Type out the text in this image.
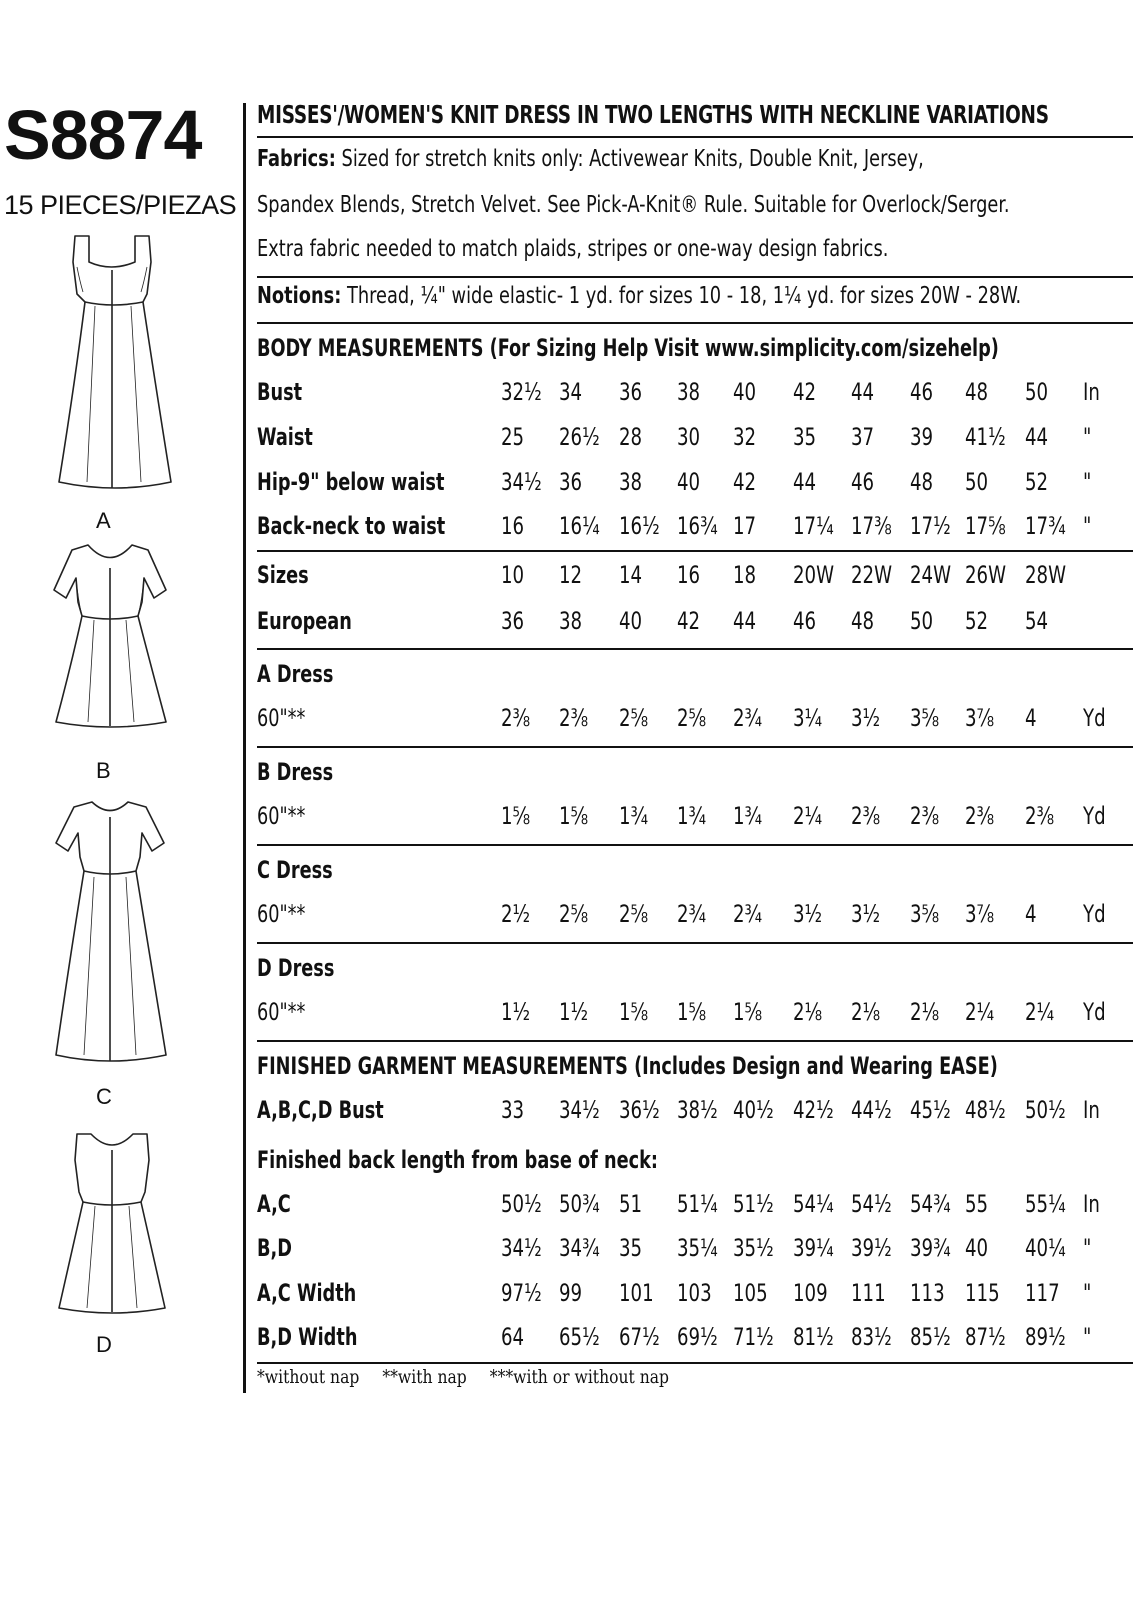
S8874
15 PIECES/PIEZAS
A
B
C
D
MISSES'/WOMEN'S KNIT DRESS IN TWO LENGTHS WITH NECKLINE VARIATIONS
Fabrics: Sized for stretch knits only: Activewear Knits, Double Knit, Jersey,
Spandex Blends, Stretch Velvet. See Pick-A-Knit® Rule. Suitable for Overlock/Serger.
Extra fabric needed to match plaids, stripes or one-way design fabrics.
Notions: Thread, ¼" wide elastic- 1 yd. for sizes 10 - 18, 1¼ yd. for sizes 20W - 28W.
BODY MEASUREMENTS (For Sizing Help Visit www.simplicity.com/sizehelp)
Bust	32½ 34 36 38 40 42 44 46 48 50 In
Waist	25 26½ 28 30 32 35 37 39 41½ 44 "
Hip-9" below waist 34½ 36 38 40 42 44 46 48 50 52 "
Back-neck to waist 16 16¼ 16½ 16¾ 17 17¼ 17⅜ 17½ 17⅝ 17¾ "
Sizes	10 12 14 16 18 20W 22W 24W 26W 28W
European	36 38 40 42 44 46 48 50 52 54
A Dress
60"**	2⅜ 2⅜ 2⅝ 2⅝ 2¾ 3¼ 3½ 3⅝ 3⅞ 4 Yd
B Dress
60"**	1⅝ 1⅝ 1¾ 1¾ 1¾ 2¼ 2⅜ 2⅜ 2⅜ 2⅜ Yd
C Dress
60"**	2½ 2⅝ 2⅝ 2¾ 2¾ 3½ 3½ 3⅝ 3⅞ 4 Yd
D Dress
60"**	1½ 1½ 1⅝ 1⅝ 1⅝ 2⅛ 2⅛ 2⅛ 2¼ 2¼ Yd
FINISHED GARMENT MEASUREMENTS (Includes Design and Wearing EASE)
A,B,C,D Bust	33 34½ 36½ 38½ 40½ 42½ 44½ 45½ 48½ 50½ In
Finished back length from base of neck:
A,C	50½ 50¾ 51 51¼ 51½ 54¼ 54½ 54¾ 55 55¼ In
B,D	34½ 34¾ 35 35¼ 35½ 39¼ 39½ 39¾ 40 40¼ "
A,C Width	97½ 99 101 103 105 109 111 113 115 117 "
B,D Width	64 65½ 67½ 69½ 71½ 81½ 83½ 85½ 87½ 89½ "
*without nap **with nap ***with or without nap
